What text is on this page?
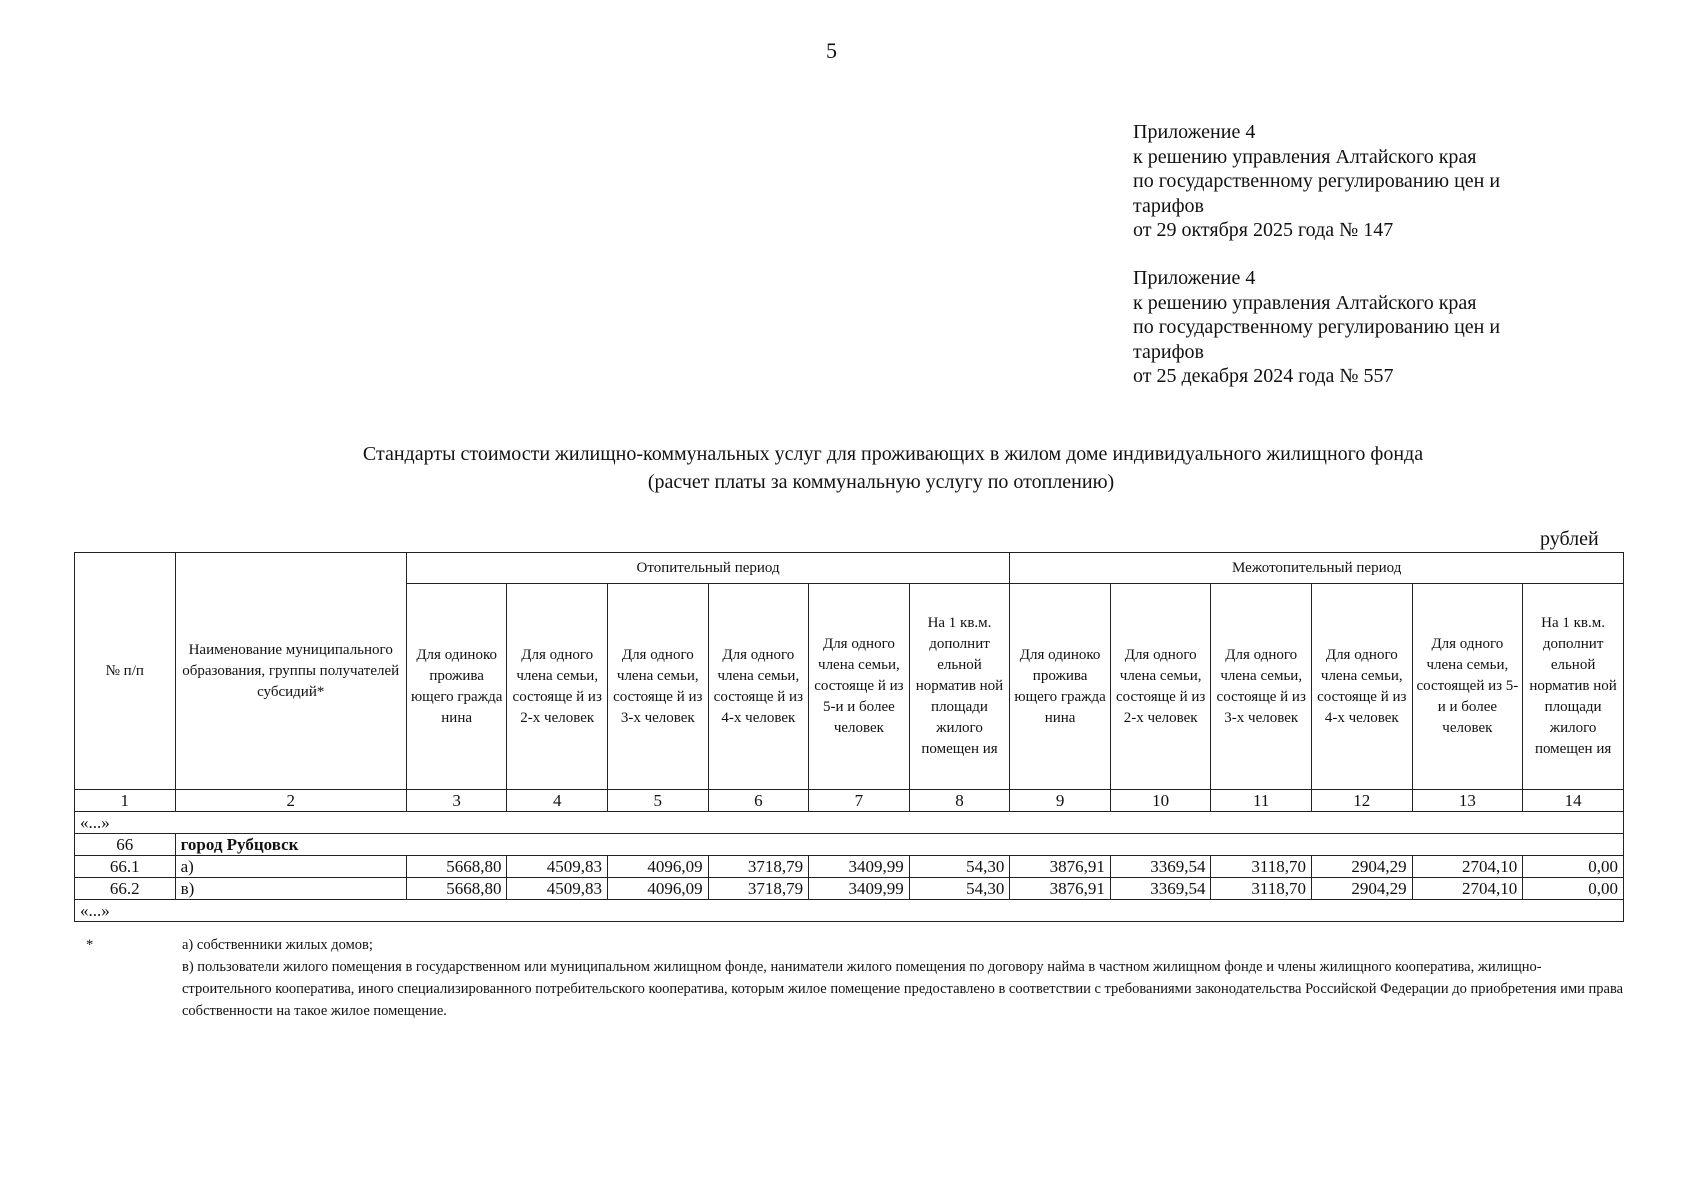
5
Приложение 4
к решению управления Алтайского края
по государственному регулированию цен и
тарифов
от 29 октября 2025 года № 147
Приложение 4
к решению управления Алтайского края
по государственному регулированию цен и
тарифов
от 25 декабря 2024 года № 557
Стандарты стоимости жилищно-коммунальных услуг для проживающих в жилом доме индивидуального жилищного фонда
(расчет платы за коммунальную услугу по отоплению)
рублей
№ п/п	Наименование муниципального образования, группы получателей субсидий*	Отопительный период						Межотопительный период					
		Для одиноко прожива ющего гражда нина	Для одного члена семьи, состояще й из 2-х человек	Для одного члена семьи, состояще й из 3-х человек	Для одного члена семьи, состояще й из 4-х человек	Для одного члена семьи, состояще й из 5-и и более человек	На 1 кв.м. дополнит ельной норматив ной площади жилого помещен ия	Для одиноко прожива ющего гражда нина	Для одного члена семьи, состояще й из 2-х человек	Для одного члена семьи, состояще й из 3-х человек	Для одного члена семьи, состояще й из 4-х человек	Для одного члена семьи, состоящей из 5-и и более человек	На 1 кв.м. дополнит ельной норматив ной площади жилого помещен ия
1	2	3	4	5	6	7	8	9	10	11	12	13	14
«...»													
66	город Рубцовск												
66.1	а)	5668,80	4509,83	4096,09	3718,79	3409,99	54,30	3876,91	3369,54	3118,70	2904,29	2704,10	0,00
66.2	в)	5668,80	4509,83	4096,09	3718,79	3409,99	54,30	3876,91	3369,54	3118,70	2904,29	2704,10	0,00
«...»													
*	а) собственники жилых домов;
в) пользователи жилого помещения в государственном или муниципальном жилищном фонде, наниматели жилого помещения по договору найма в частном жилищном фонде и члены жилищного кооператива, жилищно-строительного кооператива, иного специализированного потребительского кооператива, которым жилое помещение предоставлено в соответствии с требованиями законодательства Российской Федерации до приобретения ими права собственности на такое жилое помещение.
